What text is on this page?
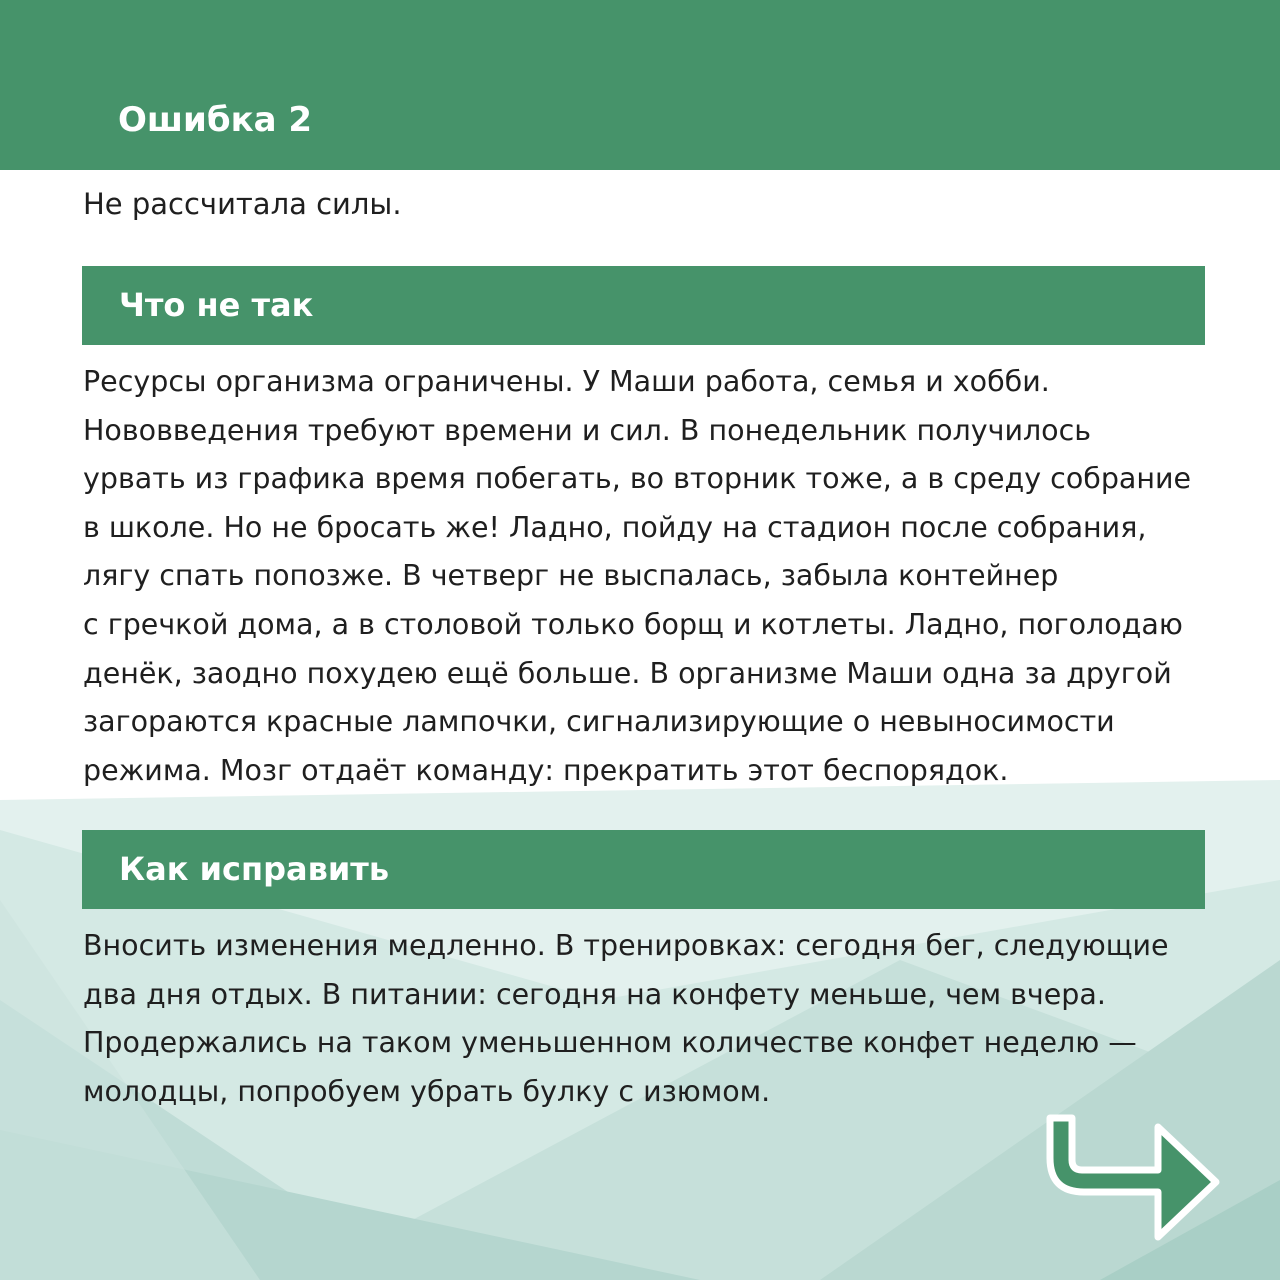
Ошибка 2

Не рассчитала силы.

Что не так
Ресурсы организма ограничены. У Маши работа, семья и хобби.
Нововведения требуют времени и сил. В понедельник получилось
урвать из графика время побегать, во вторник тоже, а в среду собрание
в школе. Но не бросать же! Ладно, пойду на стадион после собрания,
лягу спать попозже. В четверг не выспалась, забыла контейнер
с гречкой дома, а в столовой только борщ и котлеты. Ладно, поголодаю
денёк, заодно похудею ещё больше. В организме Маши одна за другой
загораются красные лампочки, сигнализирующие о невыносимости
режима. Мозг отдаёт команду: прекратить этот беспорядок.
Как исправить
Вносить изменения медленно. В тренировках: сегодня бег, следующие
два дня отдых. В питании: сегодня на конфету меньше, чем вчера.
Продержались на таком уменьшенном количестве конфет неделю —
молодцы, попробуем убрать булку с изюмом.
